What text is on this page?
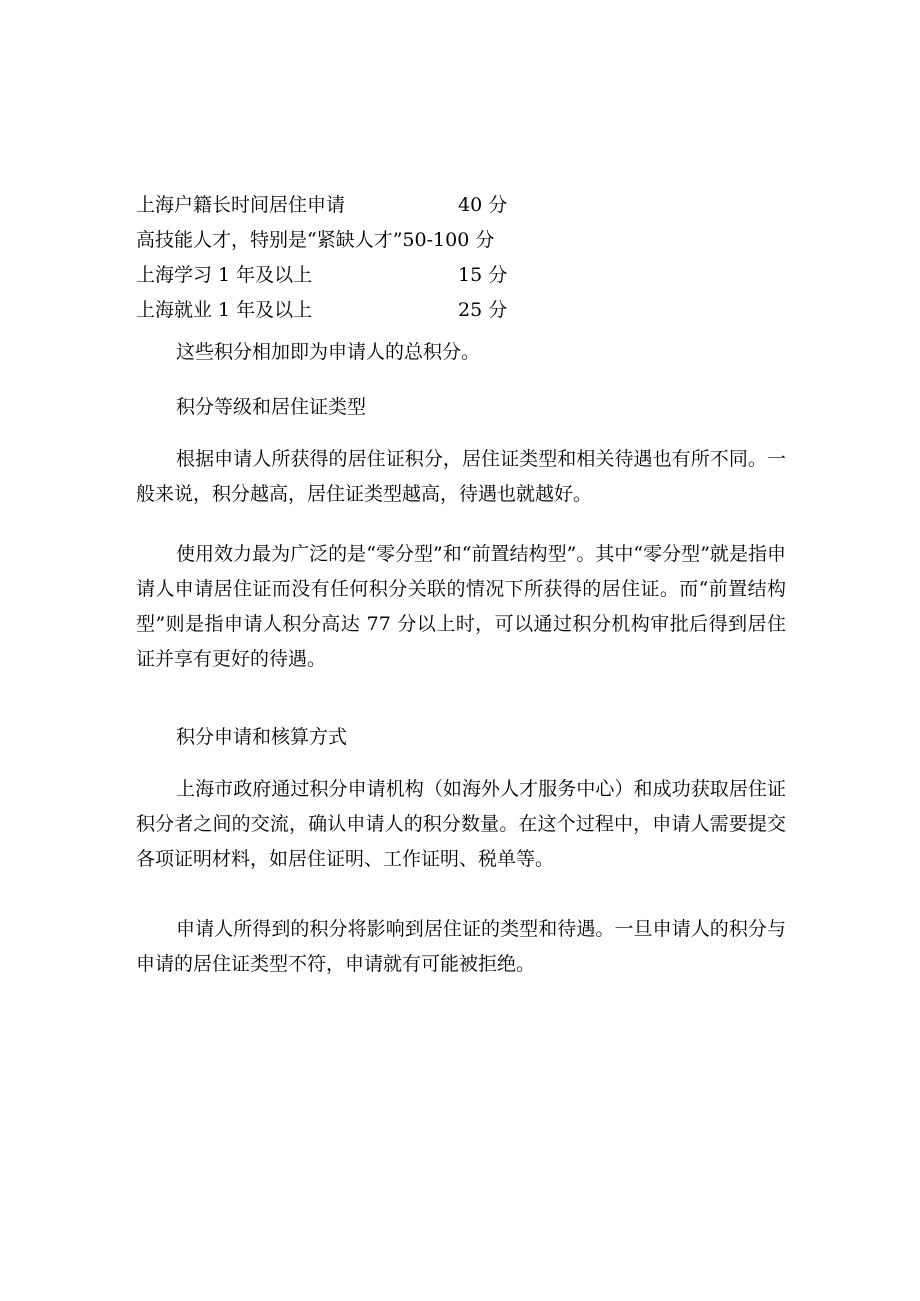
上海户籍长时间居住申请	40 分
高技能人才，特别是“紧缺人才”50-100 分
上海学习 1 年及以上	15 分
上海就业 1 年及以上	25 分
这些积分相加即为申请人的总积分。
积分等级和居住证类型

根据申请人所获得的居住证积分，居住证类型和相关待遇也有所不同。一般来说，积分越高，居住证类型越高，待遇也就越好。

使用效力最为广泛的是“零分型”和“前置结构型”。其中“零分型”就是指申请人申请居住证而没有任何积分关联的情况下所获得的居住证。而“前置结构型”则是指申请人积分高达 77 分以上时，可以通过积分机构审批后得到居住证并享有更好的待遇。

积分申请和核算方式

上海市政府通过积分申请机构（如海外人才服务中心）和成功获取居住证积分者之间的交流，确认申请人的积分数量。在这个过程中，申请人需要提交各项证明材料，如居住证明、工作证明、税单等。

申请人所得到的积分将影响到居住证的类型和待遇。一旦申请人的积分与申请的居住证类型不符，申请就有可能被拒绝。
